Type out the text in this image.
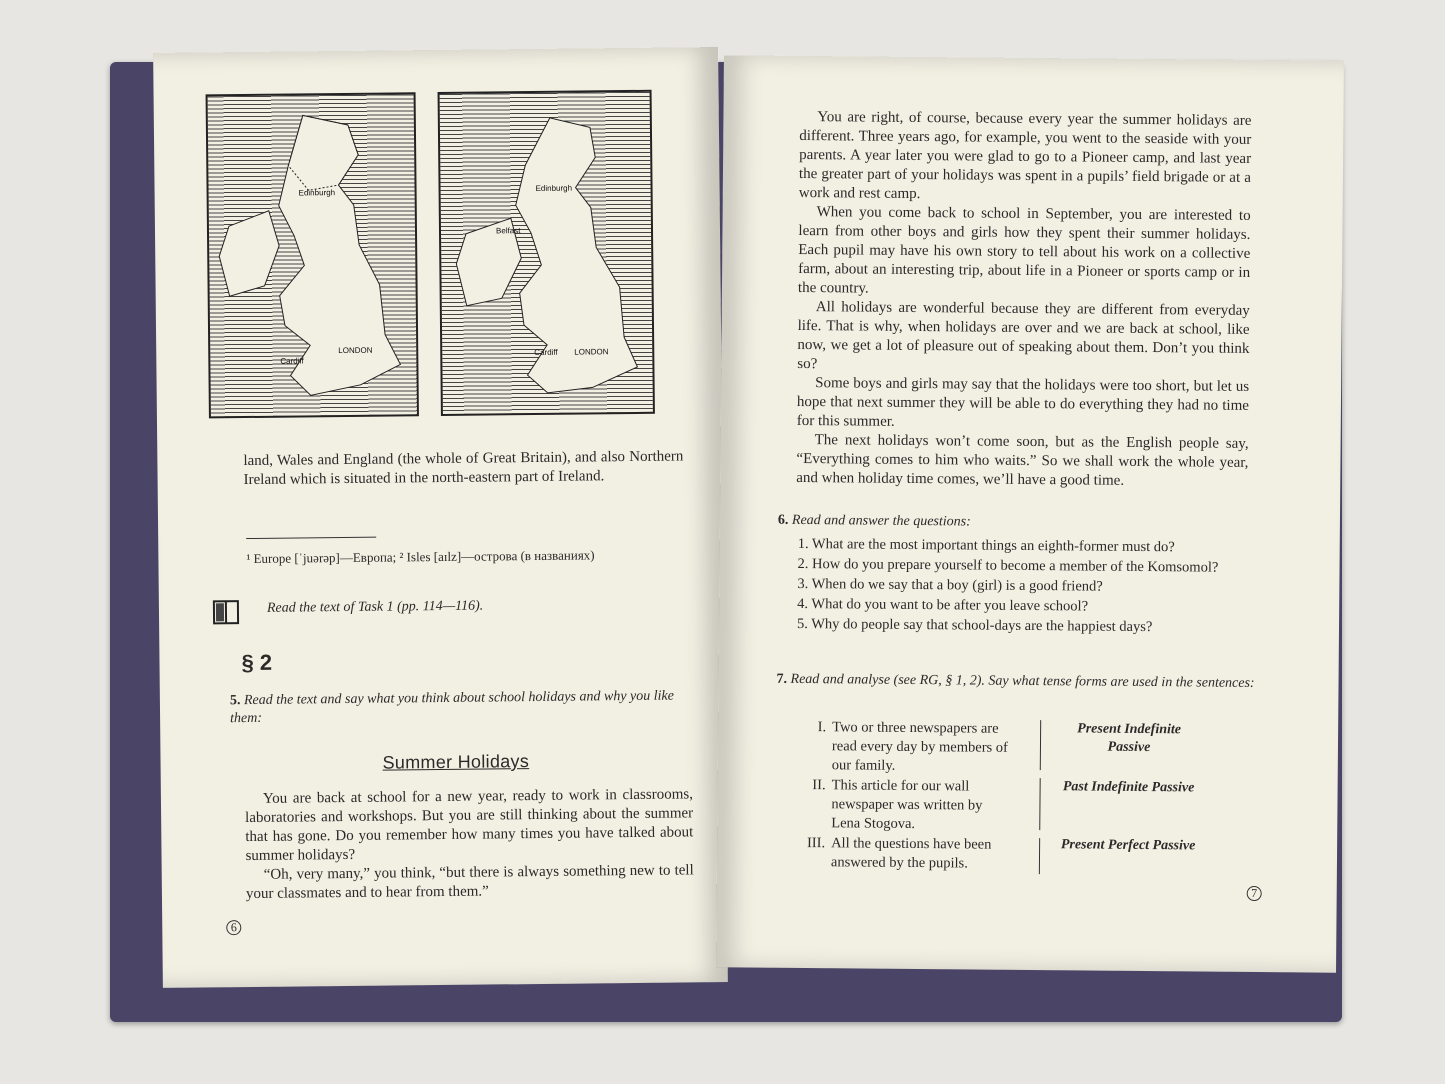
Edinburgh
LONDON
Cardiff
Edinburgh
Belfast
Cardiff LONDON

land, Wales and England (the whole of Great Britain), and also Northern Ireland which is situated in the north-eastern part of Ireland.

¹ Europe [ˈjuərəp]—Европа; ² Isles [aɪlz]—острова (в названиях)
Read the text of Task 1 (pp. 114—116).
§ 2
5. Read the text and say what you think about school holidays and why you like them:
Summer Holidays

You are back at school for a new year, ready to work in classrooms, laboratories and workshops. But you are still thinking about the summer that has gone. Do you remember how many times you have talked about summer holidays?

“Oh, very many,” you think, “but there is always something new to tell your classmates and to hear from them.”

6

You are right, of course, because every year the summer holidays are different. Three years ago, for example, you went to the seaside with your parents. A year later you were glad to go to a Pioneer camp, and last year the greater part of your holidays was spent in a pupils’ field brigade or at a work and rest camp.

When you come back to school in September, you are interested to learn from other boys and girls how they spent their summer holidays. Each pupil may have his own story to tell about his work on a collective farm, about an interesting trip, about life in a Pioneer or sports camp or in the country.

All holidays are wonderful because they are different from everyday life. That is why, when holidays are over and we are back at school, like now, we get a lot of pleasure out of speaking about them. Don’t you think so?

Some boys and girls may say that the holidays were too short, but let us hope that next summer they will be able to do everything they had no time for this summer.

The next holidays won’t come soon, but as the English people say, “Everything comes to him who waits.” So we shall work the whole year, and when holiday time comes, we’ll have a good time.

6. Read and answer the questions:
1. What are the most important things an eighth-former must do?
2. How do you prepare yourself to become a member of the Komsomol?
3. When do we say that a boy (girl) is a good friend?
4. What do you want to be after you leave school?
5. Why do people say that school-days are the happiest days?
7. Read and analyse (see RG, § 1, 2). Say what tense forms are used in the sentences:
I. Two or three newspapers are read every day by members of our family.
II. This article for our wall newspaper was written by Lena Stogova.
III. All the questions have been answered by the pupils.
Present Indefinite Passive
Past Indefinite Passive
Present Perfect Passive
7
